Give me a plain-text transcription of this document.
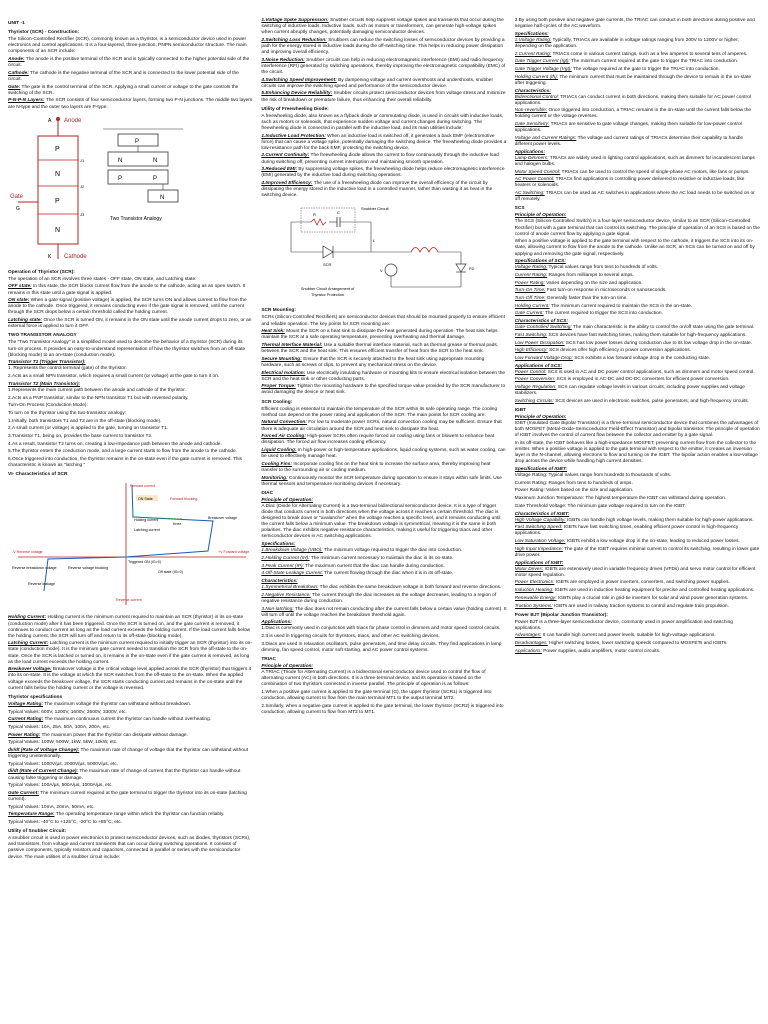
UNIT -1
Thyristor (SCR) - Construction:

The Silicon-Controlled Rectifier (SCR), commonly known as a thyristor, is a semiconductor device used in power electronics and control applications. It is a four-layered, three-junction, PNPN semiconductor structure. The main components of an SCR include:

Anode: The anode is the positive terminal of the SCR and is typically connected to the higher potential side of the circuit.

Cathode: The cathode is the negative terminal of the SCR and is connected to the lower potential side of the circuit.

Gate: The gate is the control terminal of the SCR. Applying a small current or voltage to the gate controls the switching of the SCR.

P-N-P-N Layers: The SCR consists of four semiconductor layers, forming two P-N junctions. The middle two layers are N-type and the outer two layers are P-type.

Anode
A
P
N
P
N
J1
J2
J3
Gate
G
Cathode
K
P
N	N
P	P
N
Two Transistor Analogy
Operation of Thyristor (SCR):

The operation of an SCR involves three states - OFF state, ON state, and Latching state:

OFF state: In this state, the SCR blocks current flow from the anode to the cathode, acting as an open switch. It remains in this state until a gate signal is applied.

ON state: When a gate signal (positive voltage) is applied, the SCR turns ON and allows current to flow from the anode to the cathode. Once triggered, it remains conducting even if the gate signal is removed, until the current through the SCR drops below a certain threshold called the holding current.

Latching state: Once the SCR is turned ON, it remains in the ON state until the anode current drops to zero, or an external force is applied to turn it OFF.

TWO TRANSISTOR ANALOGY

The "Two Transistor Analogy" is a simplified model used to describe the behavior of a thyristor (SCR) during its turn-on process. It provides an easy-to-understand representation of how the thyristor switches from an off-state (blocking mode) to an on-state (conduction mode).

Transistor T1 (Trigger Transistor):

1. Represents the control terminal (gate) of the thyristor.

2.Acts as a small NPN transistor, which requires a small current (or voltage) at the gate to turn it on.

Transistor T2 (Main Transistor):

1.Represents the main current path between the anode and cathode of the thyristor.

2.Acts as a PNP transistor, similar to the NPN transistor T1 but with reversed polarity.

Turn-On Process (Conduction Mode):

To turn on the thyristor using the two-transistor analogy:

1.Initially, both transistors T1 and T2 are in the off-state (blocking mode).

2.A small current (or voltage) is applied to the gate, turning on transistor T1.

3.Transistor T1, being on, provides the base current to transistor T2.

4.As a result, transistor T2 turns on, creating a low-impedance path between the anode and cathode.

5.The thyristor enters the conduction mode, and a large current starts to flow from the anode to the cathode.

6.Once triggered into conduction, the thyristor remains in the on-state even if the gate current is removed. This characteristic is known as "latching."

VI- Characteristics of SCR
ON State
Forward current
Forward blocking
Breakover voltage
Holding current
Latching current
-V Reverse voltage	+V Forward voltage
Reverse breakdown voltage	Reverse voltage blocking
Triggered ON (IG>0)
Off state (IG=0)
Reverse leakage
Reverse current
Knee

Holding Current: Holding current is the minimum current required to maintain an SCR (thyristor) in its on-state (conduction mode) after it has been triggered. Once the SCR is turned on, and the gate current is removed, it continues to conduct current as long as the load current exceeds the holding current. If the load current falls below the holding current, the SCR will turn off and return to its off-state (blocking mode).

Latching Current: Latching current is the minimum current required to initially trigger an SCR (thyristor) into its on-state (conduction mode). It is the minimum gate current needed to transition the SCR from the off-state to the on-state. Once the SCR is latched or turned on, it remains in the on-state even if the gate current is removed, as long as the load current exceeds the holding current.

Breakover Voltage: Breakover voltage is the critical voltage level applied across the SCR (thyristor) that triggers it into its on-state. It is the voltage at which the SCR switches from the off-state to the on-state. When the applied voltage exceeds the breakover voltage, the SCR starts conducting current and remains in the on-state until the current falls below the holding current or the voltage is reversed.

Thyristor specifications

Voltage Rating: The maximum voltage the thyristor can withstand without breakdown.

Typical Values: 600V, 1200V, 1600V, 2500V, 3300V, etc.

Current Rating: The maximum continuous current the thyristor can handle without overheating.

Typical Values: 10A, 25A, 50A, 100A, 200A, etc.

Power Rating: The maximum power that the thyristor can dissipate without damage.

Typical Values: 100W, 500W, 1kW, 5kW, 10kW, etc.

dv/dt (Rate of Voltage Change): The maximum rate of change of voltage that the thyristor can withstand without triggering unintentionally.

Typical Values: 1000V/µs, 2000V/µs, 5000V/µs, etc.

di/dt (Rate of Current Change): The maximum rate of change of current that the thyristor can handle without causing false triggering or damage.

Typical Values: 100A/µs, 500A/µs, 1000A/µs, etc.

Gate Current: The minimum current required at the gate terminal to trigger the thyristor into its on-state (latching current).

Typical Values: 10mA, 20mA, 50mA, etc.

Temperature Range: The operating temperature range within which the thyristor can function reliably.

Typical Values: -40°C to +125°C, -20°C to +85°C, etc.

Utility of Snubber Circuit:

A snubber circuit is used in power electronics to protect semiconductor devices, such as diodes, thyristors (SCRs), and transistors, from voltage and current transients that can occur during switching operations. It consists of passive components, typically resistors and capacitors, connected in parallel or series with the semiconductor device. The main utilities of a snubber circuit include:

1.Voltage Spike Suppression: Snubber circuits help suppress voltage spikes and transients that occur during the switching of inductive loads. Inductive loads, such as motors or transformers, can generate high-voltage spikes when current abruptly changes, potentially damaging semiconductor devices.

2.Switching Loss Reduction: Snubbers can reduce the switching losses of semiconductor devices by providing a path for the energy stored in inductive loads during the off-switching time. This helps in reducing power dissipation and improving overall efficiency.

3.Noise Reduction: Snubber circuits can help in reducing electromagnetic interference (EMI) and radio frequency interference (RFI) generated by switching operations, thereby improving the electromagnetic compatibility (EMC) of the circuit.

4.Switching Speed Improvement: By dampening voltage and current overshoots and undershoots, snubber circuits can improve the switching speed and performance of the semiconductor device.

5.Enhancing Device Reliability: Snubber circuits protect semiconductor devices from voltage stress and minimize the risk of breakdown or premature failure, thus enhancing their overall reliability.

Utility of Freewheeling Diode:

A freewheeling diode, also known as a flyback diode or commutating diode, is used in circuits with inductive loads, such as motors or solenoids, that experience sudden voltage and current changes during switching. The freewheeling diode is connected in parallel with the inductive load, and its main utilities include:

1.Inductive Load Protection: When an inductive load is switched off, it generates a back EMF (electromotive force) that can cause a voltage spike, potentially damaging the switching device. The freewheeling diode provides a low-resistance path for the back EMF, protecting the switching device.

2.Current Continuity: The freewheeling diode allows the current to flow continuously through the inductive load during switching off, preventing current interruption and maintaining smooth operation.

3.Reduced EMI: By suppressing voltage spikes, the freewheeling diode helps reduce electromagnetic interference (EMI) generated by the inductive load during switching operations.

4.Improved Efficiency: The use of a freewheeling diode can improve the overall efficiency of the circuit by dissipating the energy stored in the inductive load in a controlled manner, rather than wasting it as heat in the switching device.

Snubber Circuit
R	C
SCR
L
FD
V
Snubber Circuit Arrangement of
Thyristor Protection
SCR Mounting:

SCRs (Silicon-Controlled Rectifiers) are semiconductor devices that should be mounted properly to ensure efficient and reliable operation. The key points for SCR mounting are:

Heat Sink: Mount the SCR on a heat sink to dissipate the heat generated during operation. The heat sink helps maintain the SCR at a safe operating temperature, preventing overheating and thermal damage.

Thermal Interface Material: Use a suitable thermal interface material, such as thermal grease or thermal pads, between the SCR and the heat sink. This ensures efficient transfer of heat from the SCR to the heat sink.

Secure Mounting: Ensure that the SCR is securely attached to the heat sink using appropriate mounting hardware, such as screws or clips, to prevent any mechanical stress on the device.

Electrical Isolation: Use electrically insulating hardware or mounting kits to ensure electrical isolation between the SCR and the heat sink or other conducting parts.

Proper Torque: Tighten the mounting hardware to the specified torque value provided by the SCR manufacturer to avoid damaging the device or heat sink.

SCR Cooling:

Efficient cooling is essential to maintain the temperature of the SCR within its safe operating range. The cooling method can depend on the power rating and application of the SCR. The main points for SCR cooling are:

Natural Convection: For low to moderate power SCRs, natural convection cooling may be sufficient. Ensure that there is adequate air circulation around the SCR and heat sink to dissipate the heat.

Forced Air Cooling: High-power SCRs often require forced air cooling using fans or blowers to enhance heat dissipation. The forced air flow increases cooling efficiency.

Liquid Cooling: In high-power or high-temperature applications, liquid cooling systems, such as water cooling, can be used to effectively manage heat.

Cooling Fins: Incorporate cooling fins on the heat sink to increase the surface area, thereby improving heat transfer to the surrounding air or cooling medium.

Monitoring: Continuously monitor the SCR temperature during operation to ensure it stays within safe limits. Use thermal sensors and temperature monitoring devices if necessary.

DIAC
Principle of Operation:

A Diac (Diode for Alternating Current) is a two-terminal bidirectional semiconductor device. It is a type of trigger diode that conducts current in both directions when the voltage across it reaches a certain threshold. The diac is designed to break down or "avalanche" when the voltage reaches a specific level, and it remains conducting until the current falls below a minimum value. The breakdown voltage is symmetrical, meaning it is the same in both polarities. The diac exhibits negative resistance characteristics, making it useful for triggering triacs and other semiconductor devices in AC switching applications.

Specifications:

1.Breakdown Voltage (VBO): The minimum voltage required to trigger the diac into conduction.

2.Holding Current (IH): The minimum current necessary to maintain the diac in its on-state.

3.Peak Current (IP): The maximum current that the diac can handle during conduction.

4.Off-State Leakage Current: The current flowing through the diac when it is in its off-state.

Characteristics:

1.Symmetrical Breakdown: The diac exhibits the same breakdown voltage in both forward and reverse directions.

2.Negative Resistance: The current through the diac increases as the voltage decreases, leading to a region of negative resistance during conduction.

3.Non-latching: The diac does not remain conducting after the current falls below a certain value (holding current). It will turn off until the voltage reaches the breakdown threshold again.

Applications:

1.Diac is commonly used in conjunction with triacs for phase control in dimmers and motor speed control circuits.

2.It is used in triggering circuits for thyristors, triacs, and other AC switching devices.

3.Diacs are used in relaxation oscillators, pulse generators, and time delay circuits. They find applications in lamp dimming, fan speed control, motor soft starting, and AC power control systems.

TRIAC
Principle of Operation:

A TRIAC (Triode for Alternating Current) is a bidirectional semiconductor device used to control the flow of alternating current (AC) in both directions. It is a three-terminal device, and its operation is based on the combination of two thyristors connected in inverse parallel. The principle of operation is as follows:

1.When a positive gate current is applied to the gate terminal (G), the upper thyristor (SCR1) is triggered into conduction, allowing current to flow from the main terminal MT1 to the output terminal MT2.

2.Similarly, when a negative gate current is applied to the gate terminal, the lower thyristor (SCR2) is triggered into conduction, allowing current to flow from MT2 to MT1.

3.By using both positive and negative gate currents, the TRIAC can conduct in both directions during positive and negative half-cycles of the AC waveform.

Specifications:

1.Voltage Rating: Typically, TRIACs are available in voltage ratings ranging from 200V to 1200V or higher, depending on the application.

2.Current Rating: TRIACs come in various current ratings, such as a few amperes to several tens of amperes.

Gate Trigger Current (Igt): The minimum current required at the gate to trigger the TRIAC into conduction.

Gate Trigger Voltage (Vgt): The voltage required at the gate to trigger the TRIAC into conduction.

Holding Current (Ih): The minimum current that must be maintained through the device to remain in the on-state after triggering.

Characteristics:

Bidirectional Control: TRIACs can conduct current in both directions, making them suitable for AC power control applications.

Non-reversible: Once triggered into conduction, a TRIAC remains in the on-state until the current falls below the holding current or the voltage reverses.

Gate Sensitivity: TRIACs are sensitive to gate voltage changes, making them suitable for low-power control applications.

Voltage and Current Ratings: The voltage and current ratings of TRIACs determine their capability to handle different power levels.

Applications:

Lamp Dimmers: TRIACs are widely used in lighting control applications, such as dimmers for incandescent lamps and halogen bulbs.

Motor Speed Control: TRIACs can be used to control the speed of single-phase AC motors, like fans or pumps.

AC Power Control: TRIACs find applications in controlling power delivered to resistive or inductive loads, like heaters or solenoids.

AC Switching: TRIACs can be used as AC switches in applications where the AC load needs to be switched on or off remotely.

SCS
Principle of Operation:

The SCS (Silicon-Controlled Switch) is a four-layer semiconductor device, similar to an SCR (Silicon-Controlled Rectifier) but with a gate terminal that can control its switching. The principle of operation of an SCS is based on the control of anode current flow by applying a gate signal.

When a positive voltage is applied to the gate terminal with respect to the cathode, it triggers the SCS into its on-state, allowing current to flow from the anode to the cathode. Unlike an SCR, an SCS can be turned on and off by applying and removing the gate signal, respectively.

Specifications of SCS:

Voltage Rating: Typical values range from tens to hundreds of volts.

Current Rating: Ranges from milliamps to several amps.

Power Rating: Varies depending on the size and application.

Turn-On Time: Fast turn-on response in microseconds or nanoseconds.

Turn-Off Time: Generally faster than the turn-on time.

Holding Current: The minimum current required to maintain the SCS in the on-state.

Gate Current: The current required to trigger the SCS into conduction.

Characteristics of SCS:

Gate-Controlled Switching: The main characteristic is the ability to control the on/off state using the gate terminal.

Fast Switching: SCS devices have fast switching times, making them suitable for high-frequency applications.

Low Power Dissipation: SCS has low power losses during conduction due to its low voltage drop in the on-state.

High Efficiency: SCS devices offer high efficiency in power conversion applications.

Low Forward Voltage Drop: SCS exhibits a low forward voltage drop in the conducting state.

Applications of SCS:

Power Control: SCS is used in AC and DC power control applications, such as dimmers and motor speed control.

Power Conversion: SCS is employed in AC-DC and DC-DC converters for efficient power conversion.

Voltage Regulation: SCS can regulate voltage levels in various circuits, including power supplies and voltage stabilizers.

Switching Circuits: SCS devices are used in electronic switches, pulse generators, and high-frequency circuits.

IGBT
Principle of Operation:

IGBT (Insulated Gate Bipolar Transistor) is a three-terminal semiconductor device that combines the advantages of both MOSFET (Metal-Oxide-Semiconductor Field-Effect Transistor) and bipolar transistor. The principle of operation of IGBT involves the control of current flow between the collector and emitter by a gate signal.

In its off-state, the IGBT behaves like a high-impedance MOSFET, preventing current flow from the collector to the emitter. When a positive voltage is applied to the gate terminal with respect to the emitter, it creates an inversion layer in the N-channel, allowing electrons to flow and turning on the IGBT. The bipolar action enables a low-voltage drop across the device while handling high current densities.

Specifications of IGBT:

Voltage Rating: Typical values range from hundreds to thousands of volts.

Current Rating: Ranges from tens to hundreds of amps.

Power Rating: Varies based on the size and application.

Maximum Junction Temperature: The highest temperature the IGBT can withstand during operation.

Gate Threshold Voltage: The minimum gate voltage required to turn on the IGBT.

Characteristics of IGBT:

High Voltage Capability: IGBTs can handle high voltage levels, making them suitable for high-power applications.

Fast Switching Speed: IGBTs have fast switching times, enabling efficient power control in high-frequency applications.

Low Saturation Voltage: IGBTs exhibit a low voltage drop in the on-state, leading to reduced power losses.

High Input Impedance: The gate of the IGBT requires minimal current to control its switching, resulting in lower gate drive power.

Applications of IGBT:

Motor Drives: IGBTs are extensively used in variable frequency drives (VFDs) and servo motor control for efficient motor speed regulation.

Power Electronics: IGBTs are employed in power inverters, converters, and switching power supplies.

Induction Heating: IGBTs are used in induction heating equipment for precise and controlled heating applications.

Renewable Energy: IGBTs play a crucial role in grid-tie inverters for solar and wind power generation systems.

Traction Systems: IGBTs are used in railway traction systems to control and regulate train propulsion.

Power BJT (Bipolar Junction Transistor):

Power BJT is a three-layer semiconductor device, commonly used in power amplification and switching applications.

Advantages: It can handle high current and power levels, suitable for high-voltage applications.

Disadvantages: Higher switching losses, lower switching speeds compared to MOSFETs and IGBTs.

Applications: Power supplies, audio amplifiers, motor control circuits.
